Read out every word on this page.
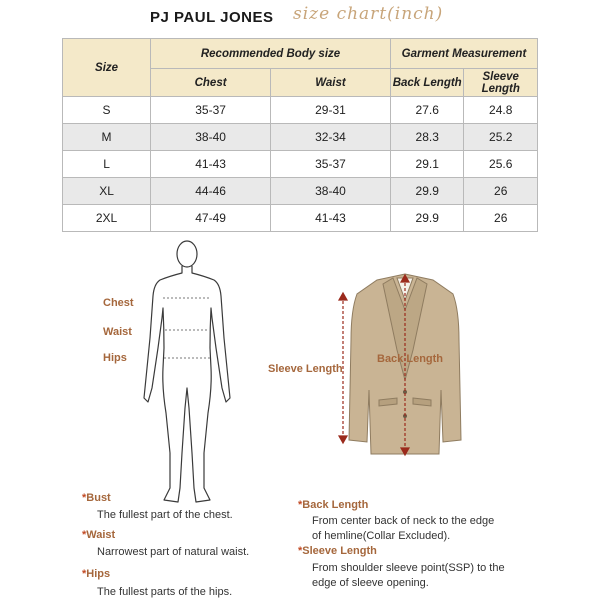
PJ PAUL JONES size chart(inch)
Size	Recommended Body size		Garment Measurement	
	Chest	Waist	Back Length	Sleeve Length
S	35-37	29-31	27.6	24.8
M	38-40	32-34	28.3	25.2
L	41-43	35-37	29.1	25.6
XL	44-46	38-40	29.9	26
2XL	47-49	41-43	29.9	26
Chest
Waist
Hips
Sleeve Length
Back Length
*Bust
The fullest part of the chest.
*Waist
Narrowest part of natural waist.
*Hips
The fullest parts of the hips.
*Back Length
From center back of neck to the edge
of hemline(Collar Excluded).
*Sleeve Length
From shoulder sleeve point(SSP) to the
edge of sleeve opening.
